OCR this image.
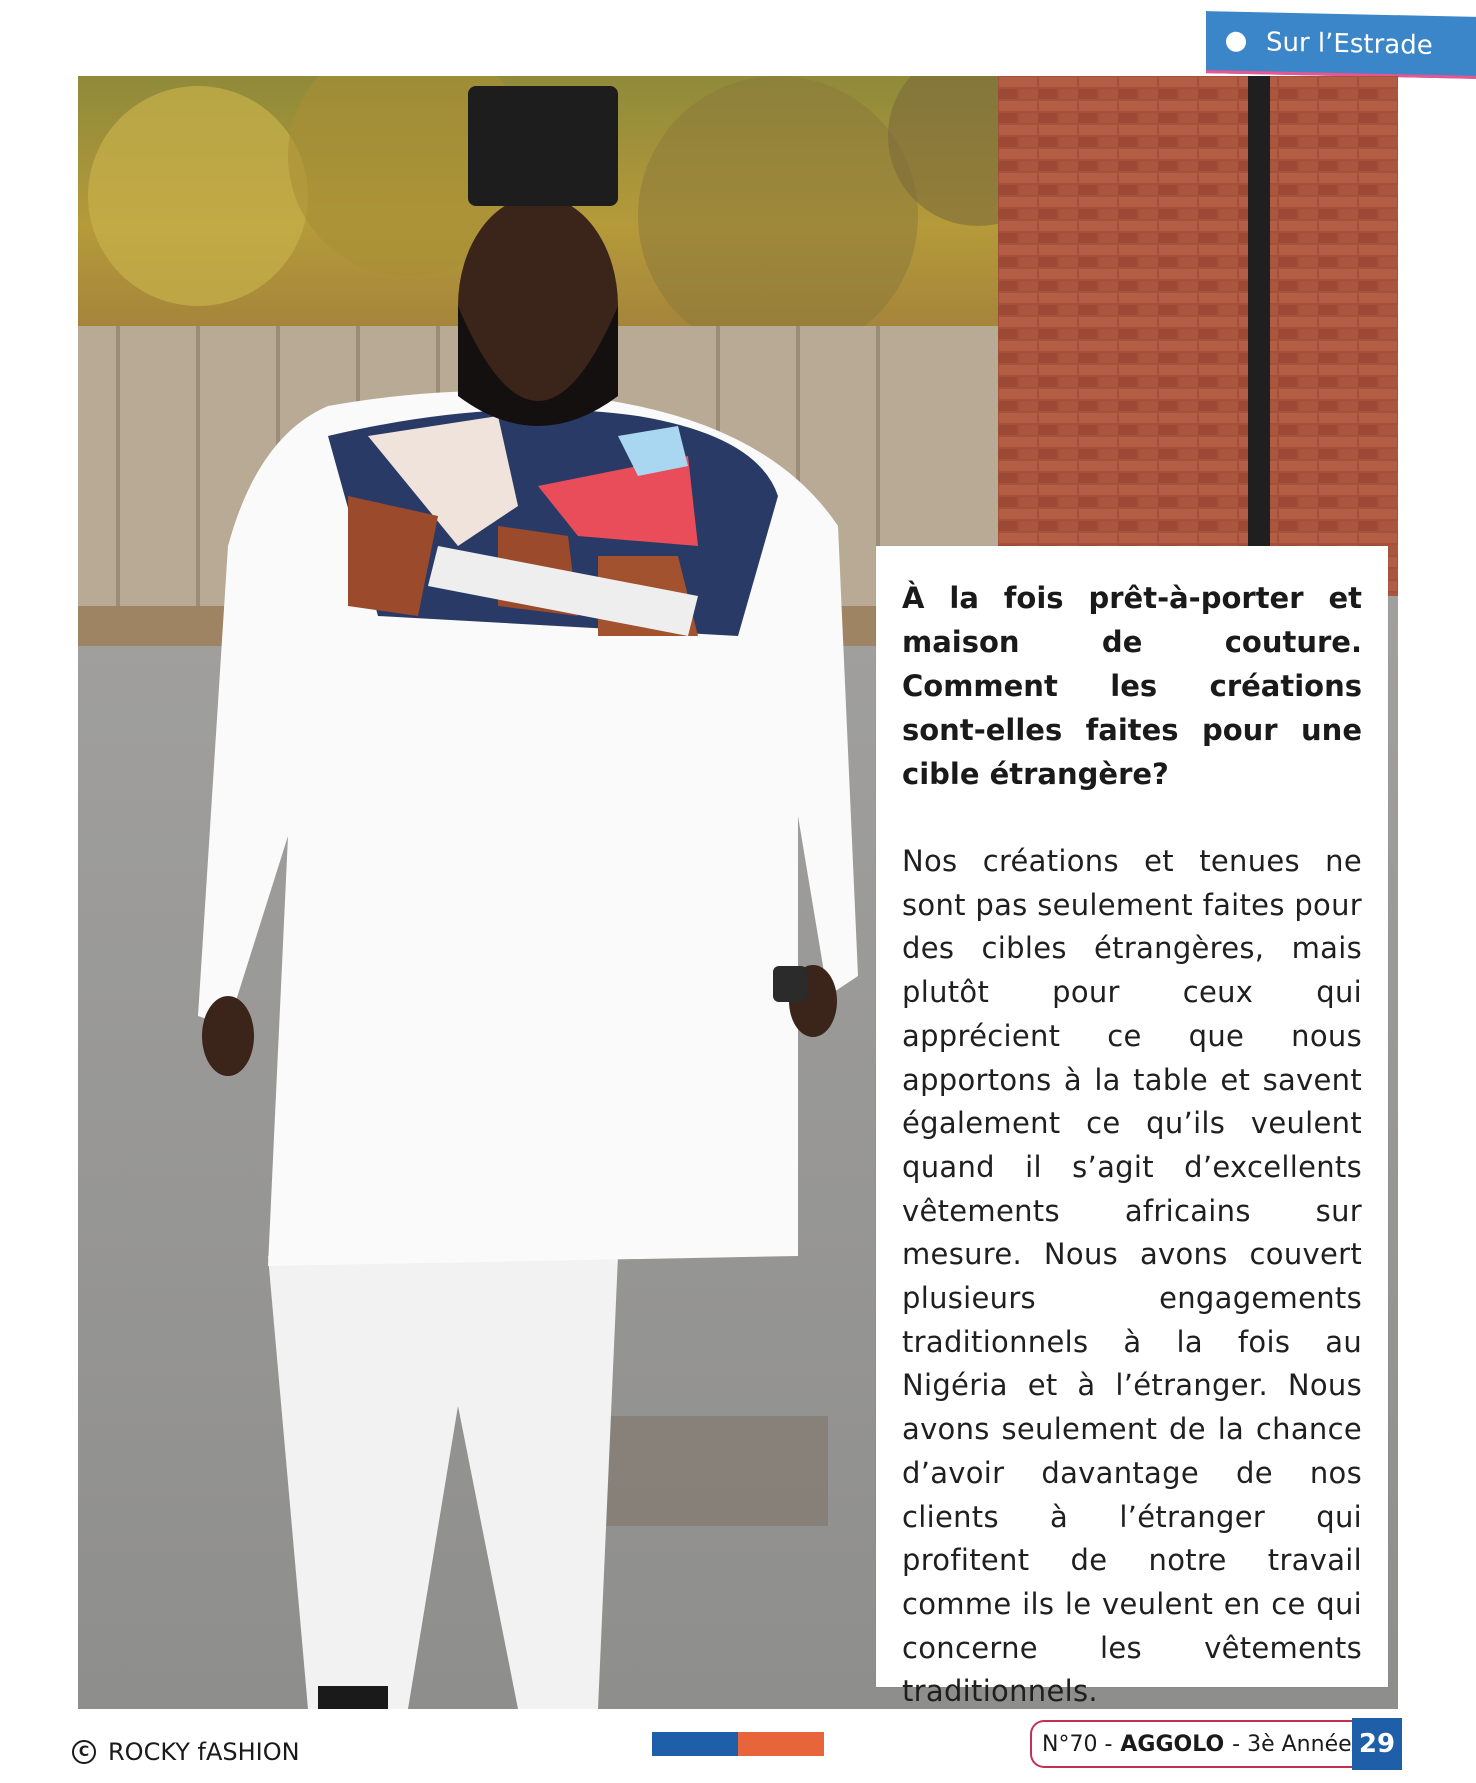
Sur l’Estrade

À la fois prêt-à-porter et maison de couture. Comment les créations sont-elles faites pour une cible étrangère?

Nos créations et tenues ne sont pas seulement faites pour des cibles étrangères, mais plutôt pour ceux qui apprécient ce que nous apportons à la table et savent également ce qu’ils veulent quand il s’agit d’excellents vêtements africains sur mesure. Nous avons couvert plusieurs engagements traditionnels à la fois au Nigéria et à l’étranger. Nous avons seulement de la chance d’avoir davantage de nos clients à l’étranger qui profitent de notre travail comme ils le veulent en ce qui concerne les vêtements traditionnels.

C ROCKY fASHION	N°70 - AGGOLO - 3è Année 29
